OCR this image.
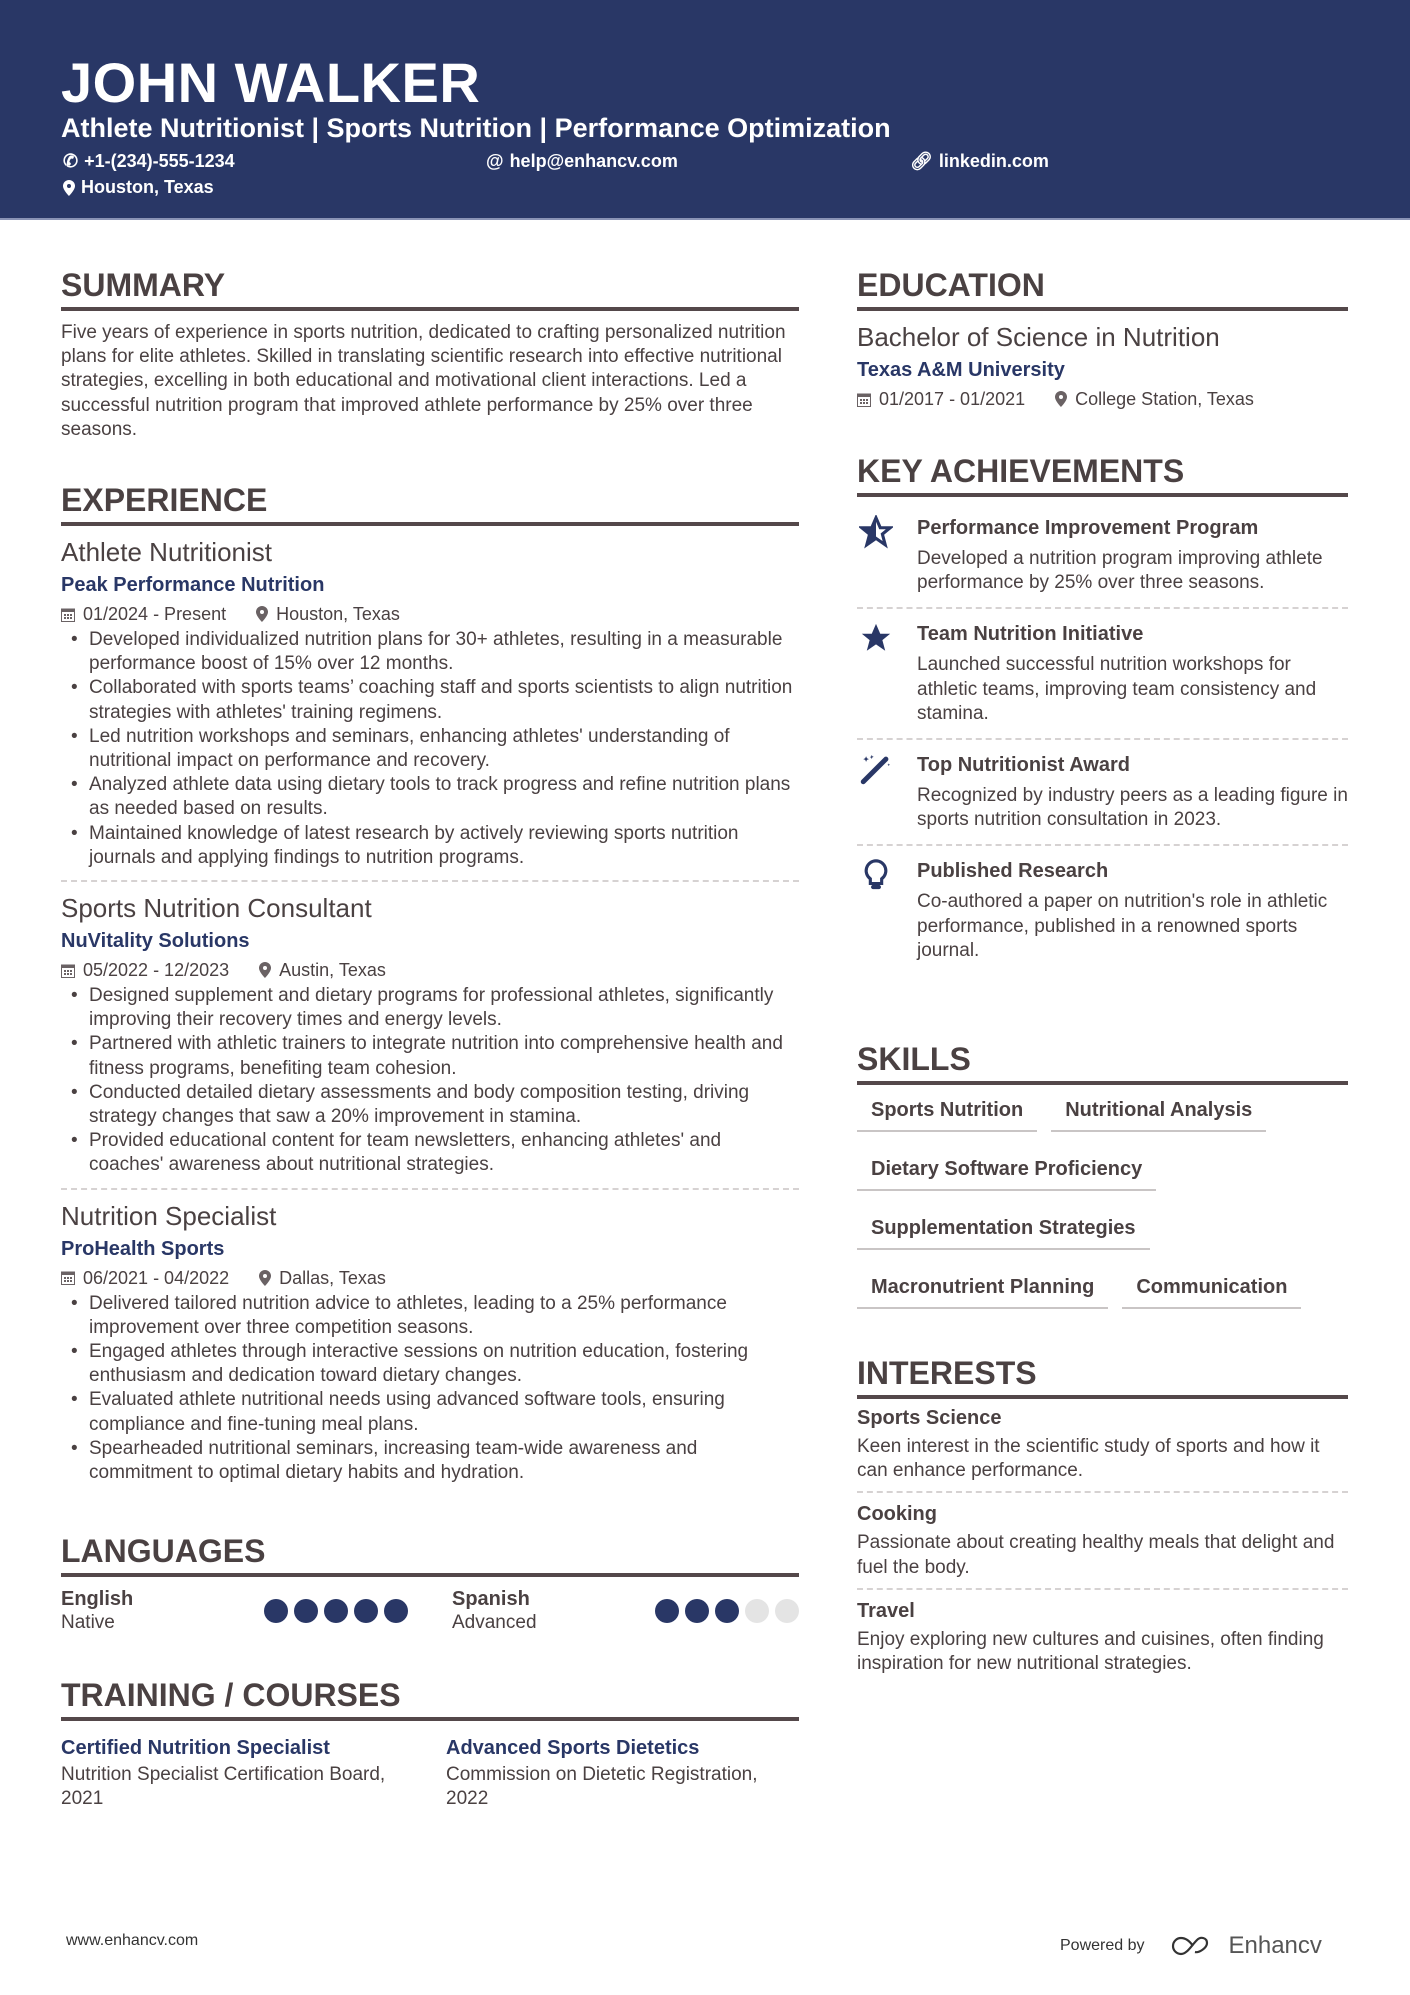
JOHN WALKER
Athlete Nutritionist | Sports Nutrition | Performance Optimization
✆ +1-(234)-555-1234	@ help@enhancv.com	🔗︎ linkedin.com
Houston, Texas
SUMMARY
Five years of experience in sports nutrition, dedicated to crafting personalized nutrition plans for elite athletes. Skilled in translating scientific research into effective nutritional strategies, excelling in both educational and motivational client interactions. Led a successful nutrition program that improved athlete performance by 25% over three seasons.
EXPERIENCE
Athlete Nutritionist
Peak Performance Nutrition
01/2024 - Present	Houston, Texas
• Developed individualized nutrition plans for 30+ athletes, resulting in a measurable performance boost of 15% over 12 months.
• Collaborated with sports teams’ coaching staff and sports scientists to align nutrition strategies with athletes' training regimens.
• Led nutrition workshops and seminars, enhancing athletes' understanding of nutritional impact on performance and recovery.
• Analyzed athlete data using dietary tools to track progress and refine nutrition plans as needed based on results.
• Maintained knowledge of latest research by actively reviewing sports nutrition journals and applying findings to nutrition programs.
Sports Nutrition Consultant
NuVitality Solutions
05/2022 - 12/2023	Austin, Texas
• Designed supplement and dietary programs for professional athletes, significantly improving their recovery times and energy levels.
• Partnered with athletic trainers to integrate nutrition into comprehensive health and fitness programs, benefiting team cohesion.
• Conducted detailed dietary assessments and body composition testing, driving strategy changes that saw a 20% improvement in stamina.
• Provided educational content for team newsletters, enhancing athletes' and coaches' awareness about nutritional strategies.
Nutrition Specialist
ProHealth Sports
06/2021 - 04/2022	Dallas, Texas
• Delivered tailored nutrition advice to athletes, leading to a 25% performance improvement over three competition seasons.
• Engaged athletes through interactive sessions on nutrition education, fostering enthusiasm and dedication toward dietary changes.
• Evaluated athlete nutritional needs using advanced software tools, ensuring compliance and fine-tuning meal plans.
• Spearheaded nutritional seminars, increasing team-wide awareness and commitment to optimal dietary habits and hydration.
LANGUAGES
English
Native
Spanish
Advanced
TRAINING / COURSES
Certified Nutrition Specialist
Nutrition Specialist Certification Board, 2021
Advanced Sports Dietetics
Commission on Dietetic Registration, 2022
EDUCATION
Bachelor of Science in Nutrition
Texas A&M University
01/2017 - 01/2021	College Station, Texas
KEY ACHIEVEMENTS
Performance Improvement Program
Developed a nutrition program improving athlete performance by 25% over three seasons.
Team Nutrition Initiative
Launched successful nutrition workshops for athletic teams, improving team consistency and stamina.
Top Nutritionist Award
Recognized by industry peers as a leading figure in sports nutrition consultation in 2023.
Published Research
Co-authored a paper on nutrition's role in athletic performance, published in a renowned sports journal.
SKILLS
Sports Nutrition Nutritional Analysis
Dietary Software Proficiency
Supplementation Strategies
Macronutrient Planning Communication
INTERESTS
Sports Science
Keen interest in the scientific study of sports and how it can enhance performance.
Cooking
Passionate about creating healthy meals that delight and fuel the body.
Travel
Enjoy exploring new cultures and cuisines, often finding inspiration for new nutritional strategies.
www.enhancv.com	Powered by	Enhancv
